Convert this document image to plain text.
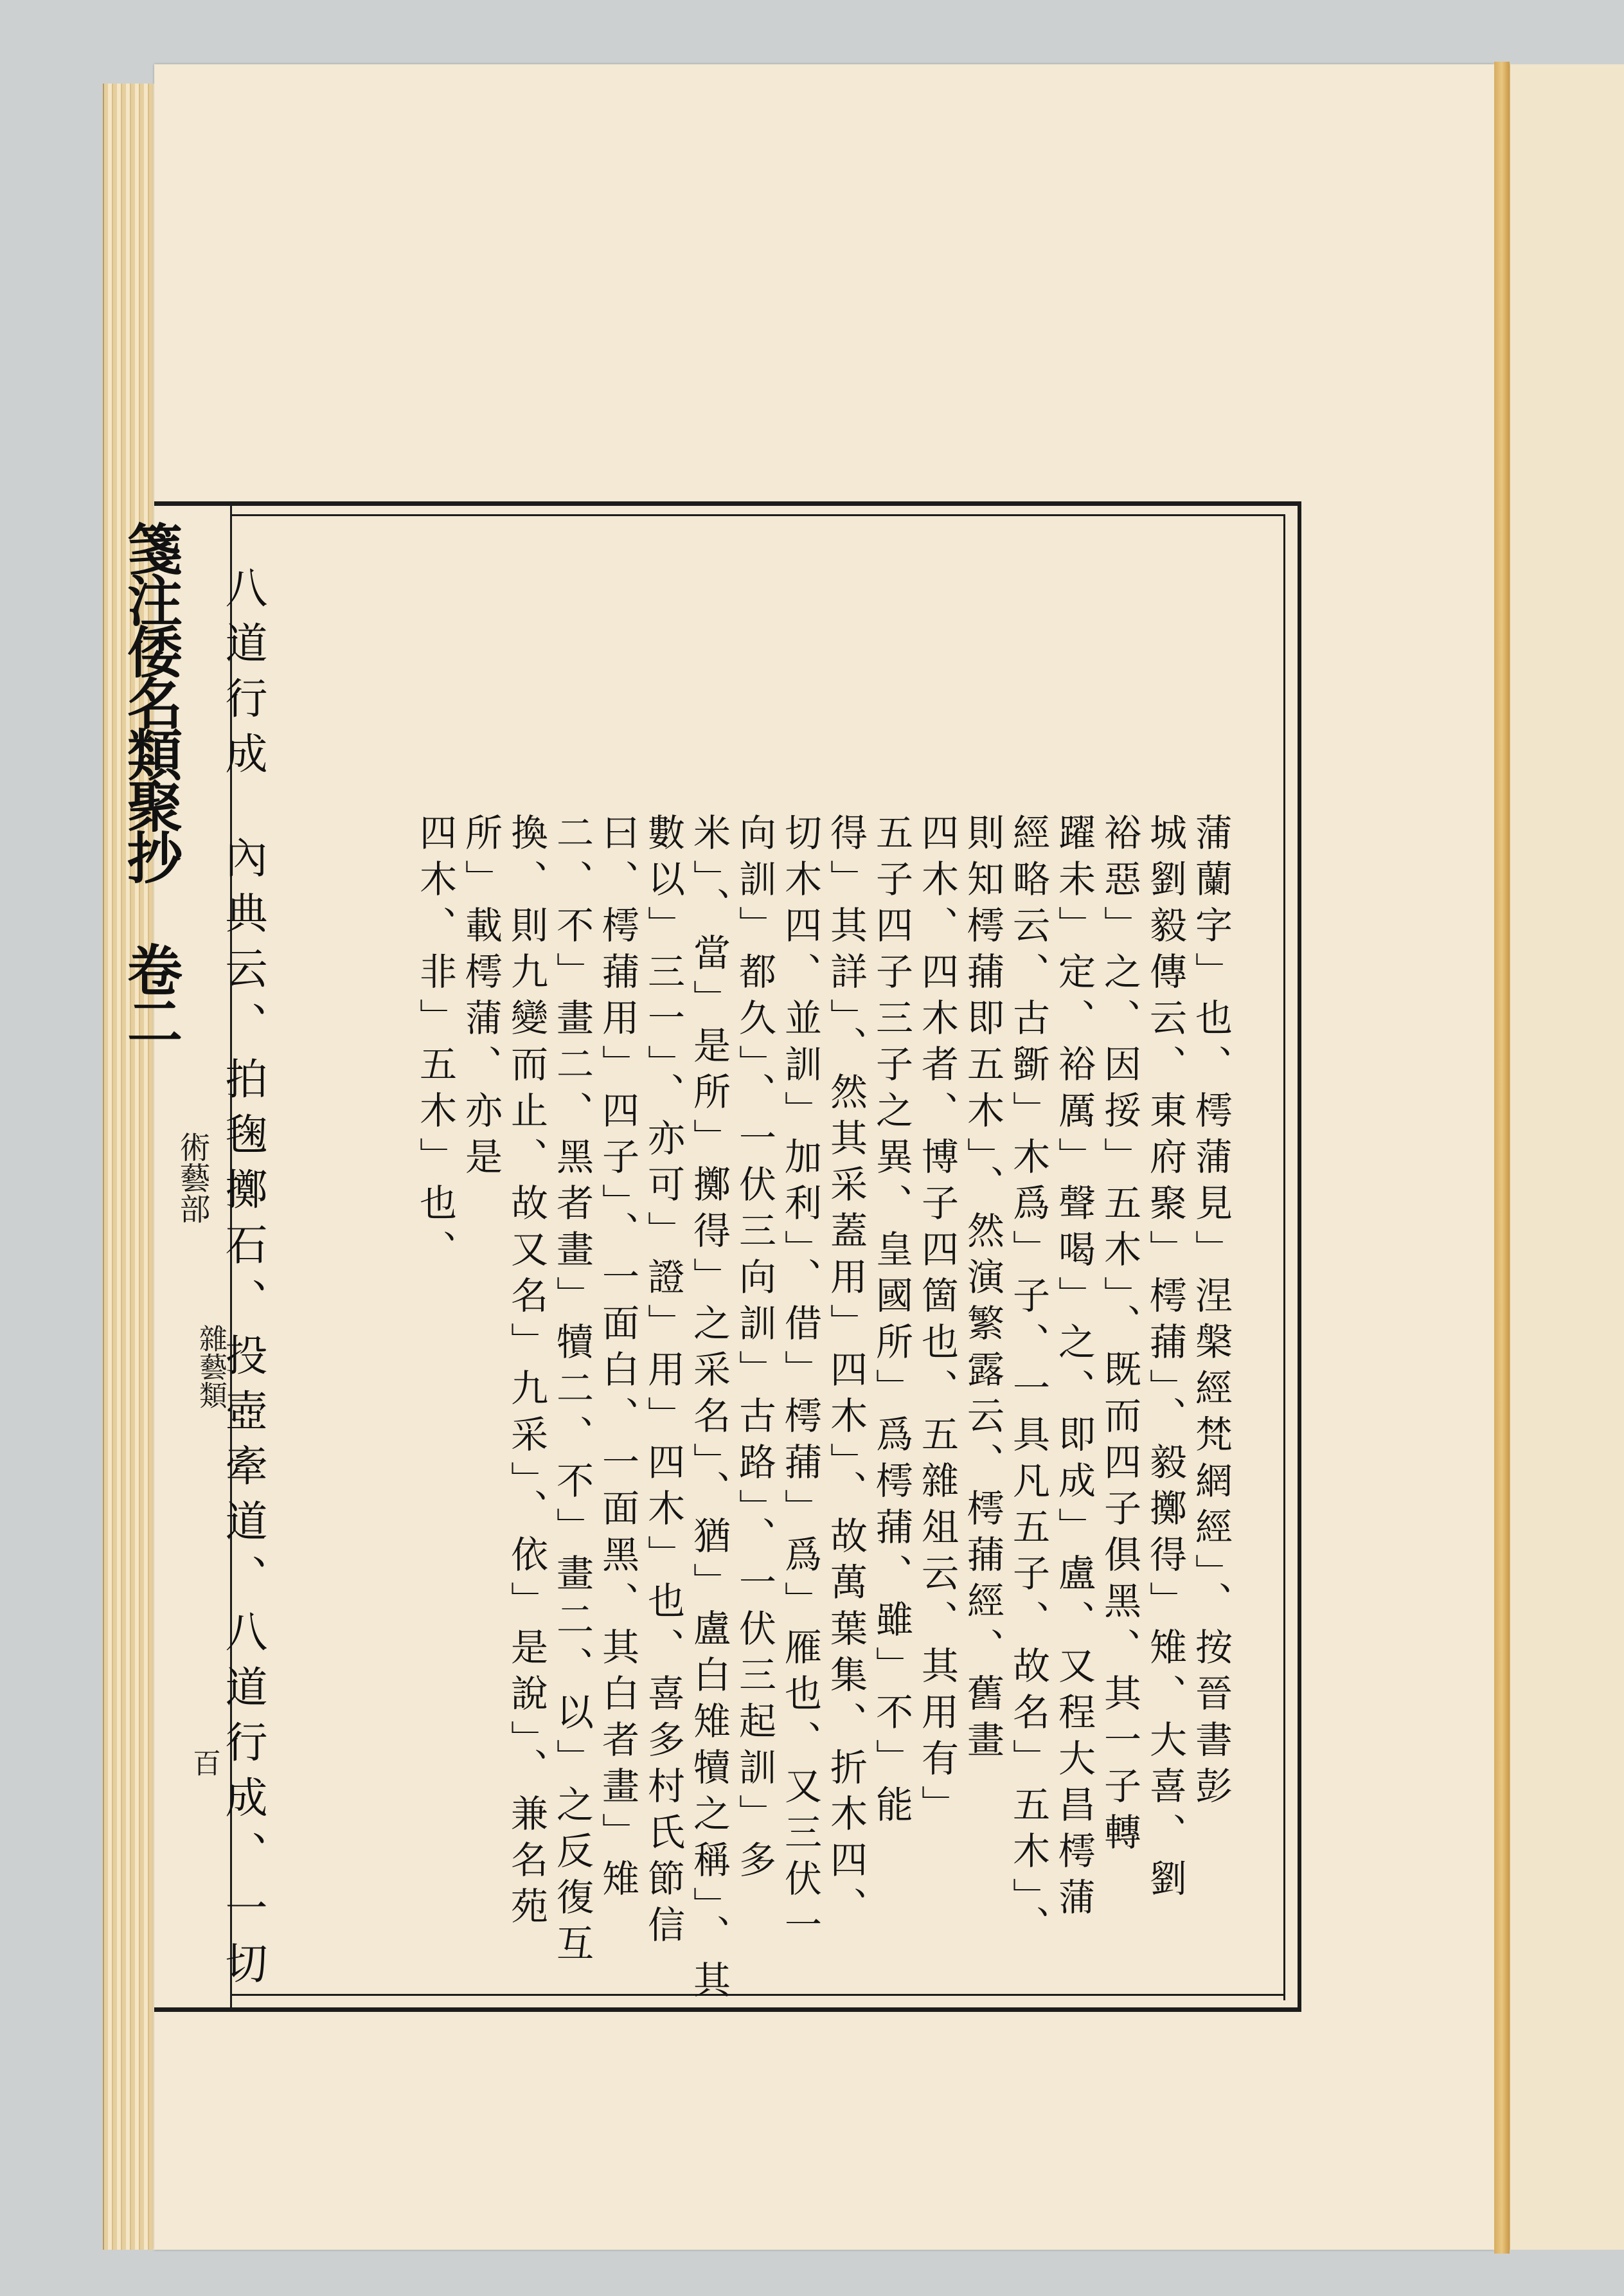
箋注倭名類聚抄 卷二
術藝部
雜藝類
百
八道行成
內典云、拍毱擲石、投壺牽道、八道行成、一切	蒲蘭字」也、樗蒲見」涅槃經梵網經」、按晉書彭
城劉毅傳云、東府聚」樗蒱」、毅擲得」雉、大喜、劉
裕惡」之、因挼」五木」、既而四子俱黑、其一子轉
躍未」定、裕厲」聲喝」之、即成」盧、又程大昌樗蒲
經略云、古斵」木爲」子、一具凡五子、故名」五木」、
則知樗蒱即五木」、然演繁露云、樗蒱經、舊畫
四木、四木者、博子四箇也、五雜俎云、其用有」
五子四子三子之異、皇國所」爲樗蒱、雖」不」能
得」其詳」、然其采蓋用」四木」、故萬葉集、折木四、
切木四、並訓」加利」、借」樗蒱」爲」雁也、又三伏一
向訓」都久」、一伏三向訓」古路」、一伏三起訓」多
米」、當」是所」擲得」之采名」、猶」盧白雉犢之稱」、其
數以」三一」、亦可」證」用」四木」也、喜多村氏節信
曰、樗蒱用」四子」、一面白、一面黑、其白者畫」雉
二、不」畫二、黑者畫」犢二、不」畫二、以」之反復互
換、則九變而止、故又名」九采」、依」是說」、兼名苑
所」載樗蒲、亦是
四木、非」五木」也、
